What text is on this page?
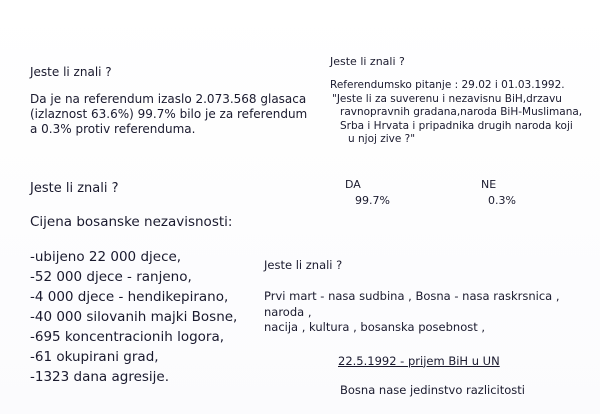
Jeste li znali ?
Da je na referendum izaslo 2.073.568 glasaca
(izlaznost 63.6%) 99.7% bilo je za referendum
a 0.3% protiv referenduma.
Jeste li znali ?
Referendumsko pitanje : 29.02 i 01.03.1992.
"Jeste li za suverenu i nezavisnu BiH,drzavu
ravnopravnih gradana,naroda BiH-Muslimana,
Srba i Hrvata i pripadnika drugih naroda koji
u njoj zive ?"
DA
99.7%
NE
0.3%
Jeste li znali ?
Cijena bosanske nezavisnosti:
-ubijeno 22 000 djece,
-52 000 djece - ranjeno,
-4 000 djece - hendikepirano,
-40 000 silovanih majki Bosne,
-695 koncentracionih logora,
-61 okupirani grad,
-1323 dana agresije.
Jeste li znali ?
Prvi mart - nasa sudbina , Bosna - nasa raskrsnica , naroda ,
nacija , kultura , bosanska posebnost ,
22.5.1992 - prijem BiH u UN
Bosna nase jedinstvo razlicitosti
